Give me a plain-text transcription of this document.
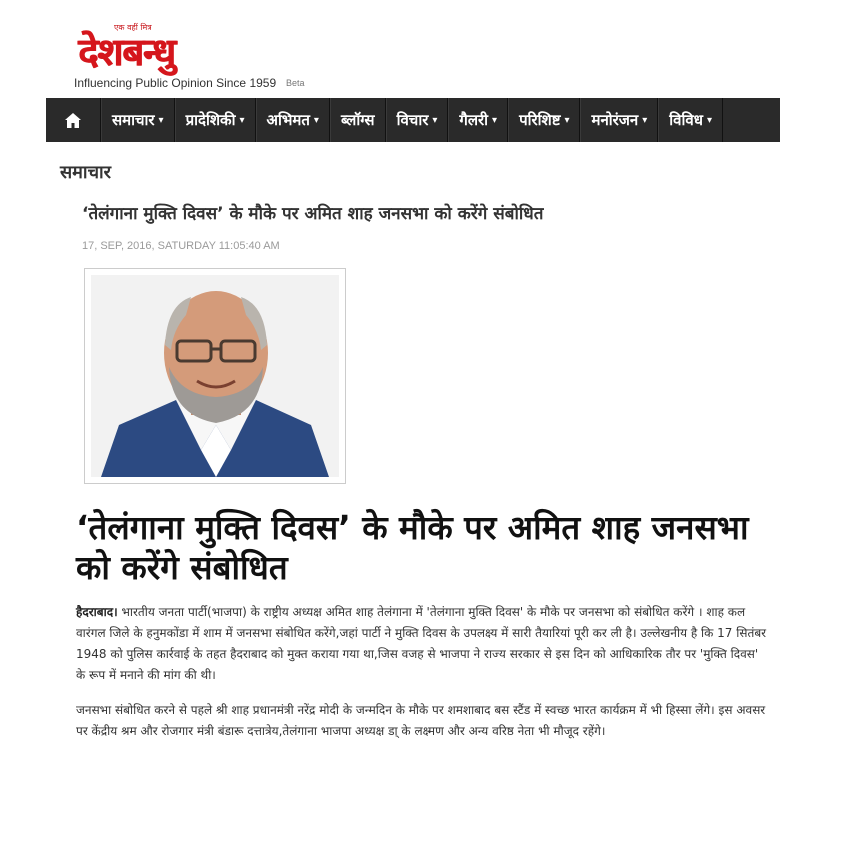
एक वहीं मित्र
देशबन्धु
Influencing Public Opinion Since 1959 Beta
समाचार ▾ प्रादेशिकी ▾ अभिमत ▾ ब्लॉग्स विचार ▾ गैलरी ▾ परिशिष्ट ▾ मनोरंजन ▾ विविध ▾
समाचार
‘तेलंगाना मुक्ति दिवस’ के मौके पर अमित शाह जनसभा को करेंगे संबोधित
17, SEP, 2016, SATURDAY 11:05:40 AM
‘तेलंगाना मुक्ति दिवस’ के मौके पर अमित शाह जनसभा को करेंगे संबोधित

हैदराबाद। भारतीय जनता पार्टी(भाजपा) के राष्ट्रीय अध्यक्ष अमित शाह तेलंगाना में 'तेलंगाना मुक्ति दिवस' के मौके पर जनसभा को संबोधित करेंगे । शाह कल वारंगल जिले के हनुमकोंडा में शाम में जनसभा संबोधित करेंगे,जहां पार्टी ने मुक्ति दिवस के उपलक्ष्य में सारी तैयारियां पूरी कर ली है। उल्लेखनीय है कि 17 सितंबर 1948 को पुलिस कार्रवाई के तहत हैदराबाद को मुक्त कराया गया था,जिस वजह से भाजपा ने राज्य सरकार से इस दिन को आधिकारिक तौर पर 'मुक्ति दिवस' के रूप में मनाने की मांग की थी।

जनसभा संबोधित करने से पहले श्री शाह प्रधानमंत्री नरेंद्र मोदी के जन्मदिन के मौके पर शमशाबाद बस स्टैंड में स्वच्छ भारत कार्यक्रम में भी हिस्सा लेंगे। इस अवसर पर केंद्रीय श्रम और रोजगार मंत्री बंडारू दत्तात्रेय,तेलंगाना भाजपा अध्यक्ष डा् के लक्ष्मण और अन्य वरिष्ठ नेता भी मौजूद रहेंगे।
